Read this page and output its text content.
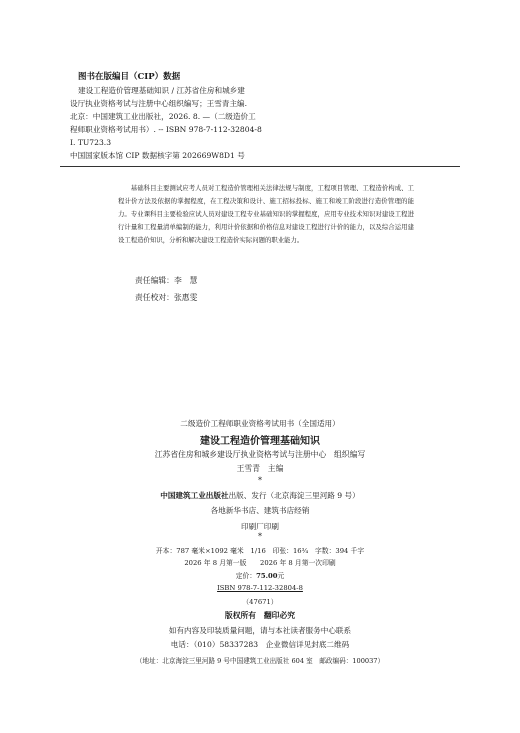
图书在版编目（CIP）数据
建设工程造价管理基础知识 / 江苏省住房和城乡建
设厅执业资格考试与注册中心组织编写；王雪青主编.
北京：中国建筑工业出版社，2026. 8. —（二级造价工
程师职业资格考试用书）. -- ISBN 978-7-112-32804-8
Ⅰ. TU723.3
中国国家版本馆 CIP 数据核字第 202669W8D1 号

基础科目主要测试应考人员对工程造价管理相关法律法规与制度，工程项目管理、工程造价构成、工程计价方法及依据的掌握程度，在工程决策和设计、施工招标投标、施工和竣工阶段进行造价管理的能力。专业课科目主要检验应试人员对建设工程专业基础知识的掌握程度，应用专业技术知识对建设工程进行计量和工程量清单编制的能力，利用计价依据和价格信息对建设工程进行计价的能力，以及综合运用建设工程造价知识，分析和解决建设工程造价实际问题的职业能力。

责任编辑：李　慧
责任校对：张惠雯
二级造价工程师职业资格考试用书（全国适用）
建设工程造价管理基础知识
江苏省住房和城乡建设厅执业资格考试与注册中心　组织编写
王雪青　主编
*
中国建筑工业出版社出版、发行（北京海淀三里河路 9 号）
各地新华书店、建筑书店经销
印刷厂印刷
*
开本：787 毫米×1092 毫米　1/16　印张：16¾　字数：394 千字
2026 年 8 月第一版　　2026 年 8 月第一次印刷
定价：75.00元
ISBN 978-7-112-32804-8
（47671）
版权所有　翻印必究
如有内容及印装质量问题，请与本社读者服务中心联系
电话：（010）58337283　企业微信详见封底二维码
（地址：北京海淀三里河路 9 号中国建筑工业出版社 604 室　邮政编码：100037）
